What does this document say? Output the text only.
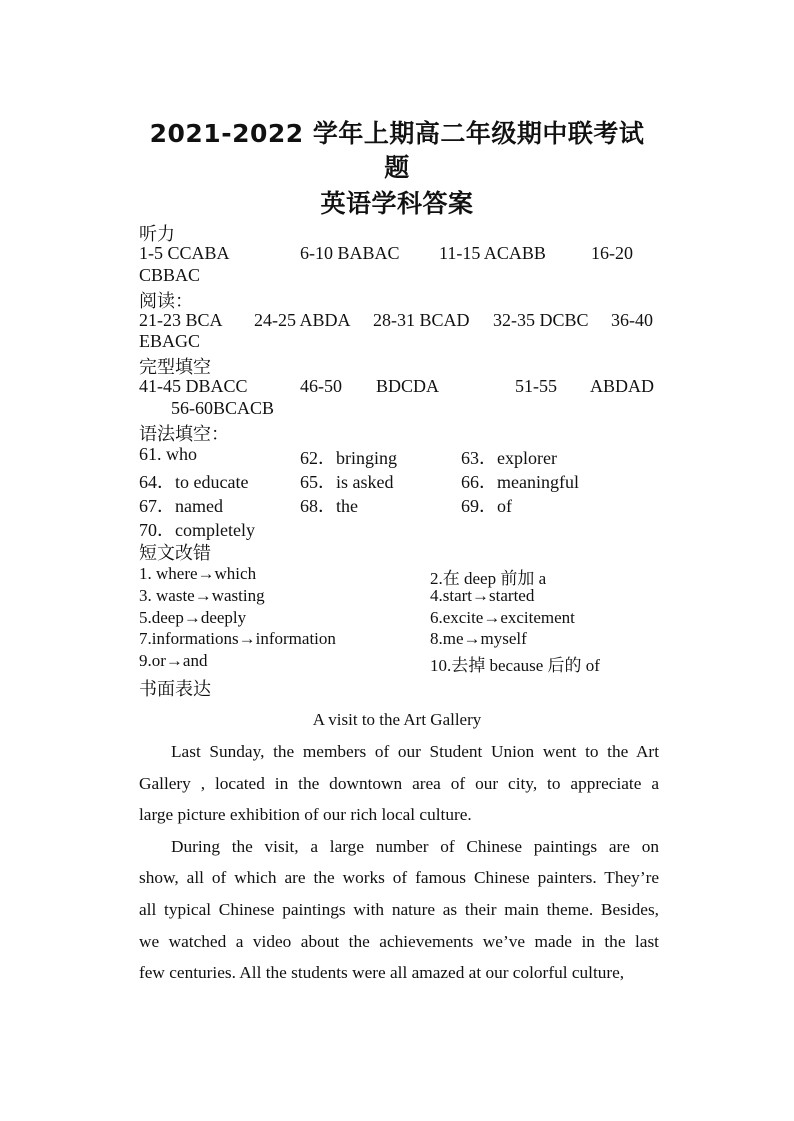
2021-2022 学年上期高二年级期中联考试
题
英语学科答案
听力
1-5 CCABA	6-10 BABAC 11-15 ACABB	16-20
CBBAC
阅读：
21-23 BCA 24-25 ABDA 28-31 BCAD 32-35 DCBC 36-40
EBAGC
完型填空
41-45 DBACC	46-50 BDCDA	51-55 ABDAD
56-60BCACB
语法填空：
61. who	62．bringing	63．explorer
64．to educate	65．is asked	66．meaningful
67．named	68．the	69．of
70．completely
短文改错
1. where→which	2.在 deep 前加 a
3. waste→wasting	4.start→started
5.deep→deeply	6.excite→excitement
7.informations→information	8.me→myself
9.or→and	10.去掉 because 后的 of
书面表达
A visit to the Art Gallery

Last Sunday, the members of our Student Union went to the Art

Gallery , located in the downtown area of our city, to appreciate a

large picture exhibition of our rich local culture.

During the visit, a large number of Chinese paintings are on

show, all of which are the works of famous Chinese painters. They’re

all typical Chinese paintings with nature as their main theme. Besides,

we watched a video about the achievements we’ve made in the last

few centuries. All the students were all amazed at our colorful culture,
